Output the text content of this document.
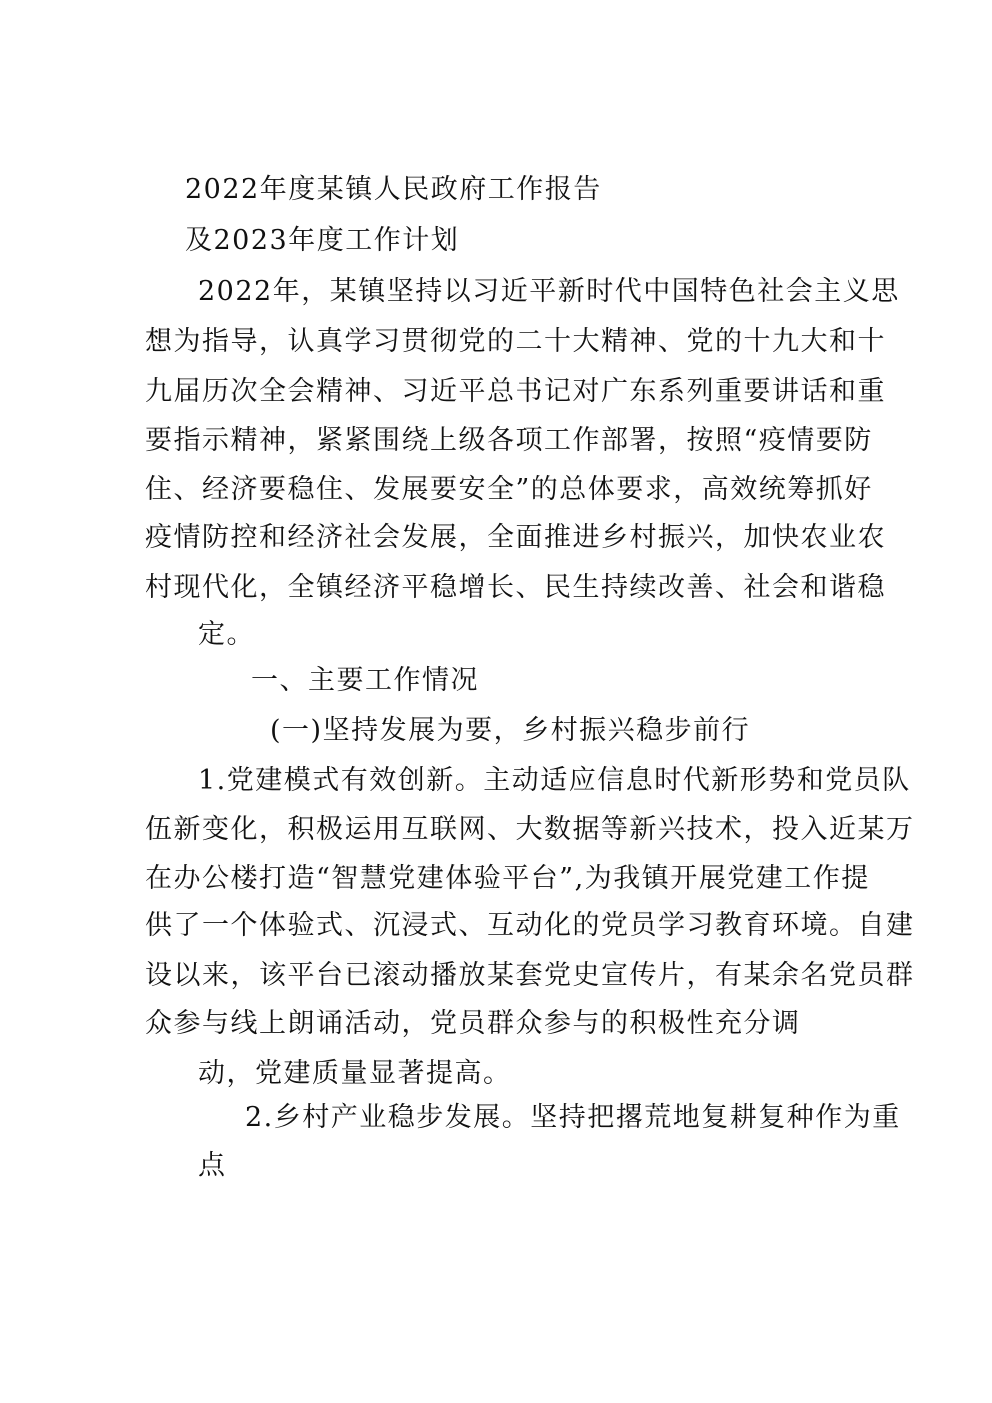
2022年度某镇人民政府工作报告
及2023年度工作计划
2022年，某镇坚持以习近平新时代中国特色社会主义思
想为指导，认真学习贯彻党的二十大精神、党的十九大和十
九届历次全会精神、习近平总书记对广东系列重要讲话和重
要指示精神，紧紧围绕上级各项工作部署，按照“疫情要防
住、经济要稳住、发展要安全”的总体要求，高效统筹抓好
疫情防控和经济社会发展，全面推进乡村振兴，加快农业农
村现代化，全镇经济平稳增长、民生持续改善、社会和谐稳
定。
一、主要工作情况
(一)坚持发展为要，乡村振兴稳步前行
1.党建模式有效创新。主动适应信息时代新形势和党员队
伍新变化，积极运用互联网、大数据等新兴技术，投入近某万
在办公楼打造“智慧党建体验平台”,为我镇开展党建工作提
供了一个体验式、沉浸式、互动化的党员学习教育环境。自建
设以来，该平台已滚动播放某套党史宣传片，有某余名党员群
众参与线上朗诵活动，党员群众参与的积极性充分调
动，党建质量显著提高。
2.乡村产业稳步发展。坚持把撂荒地复耕复种作为重
点
